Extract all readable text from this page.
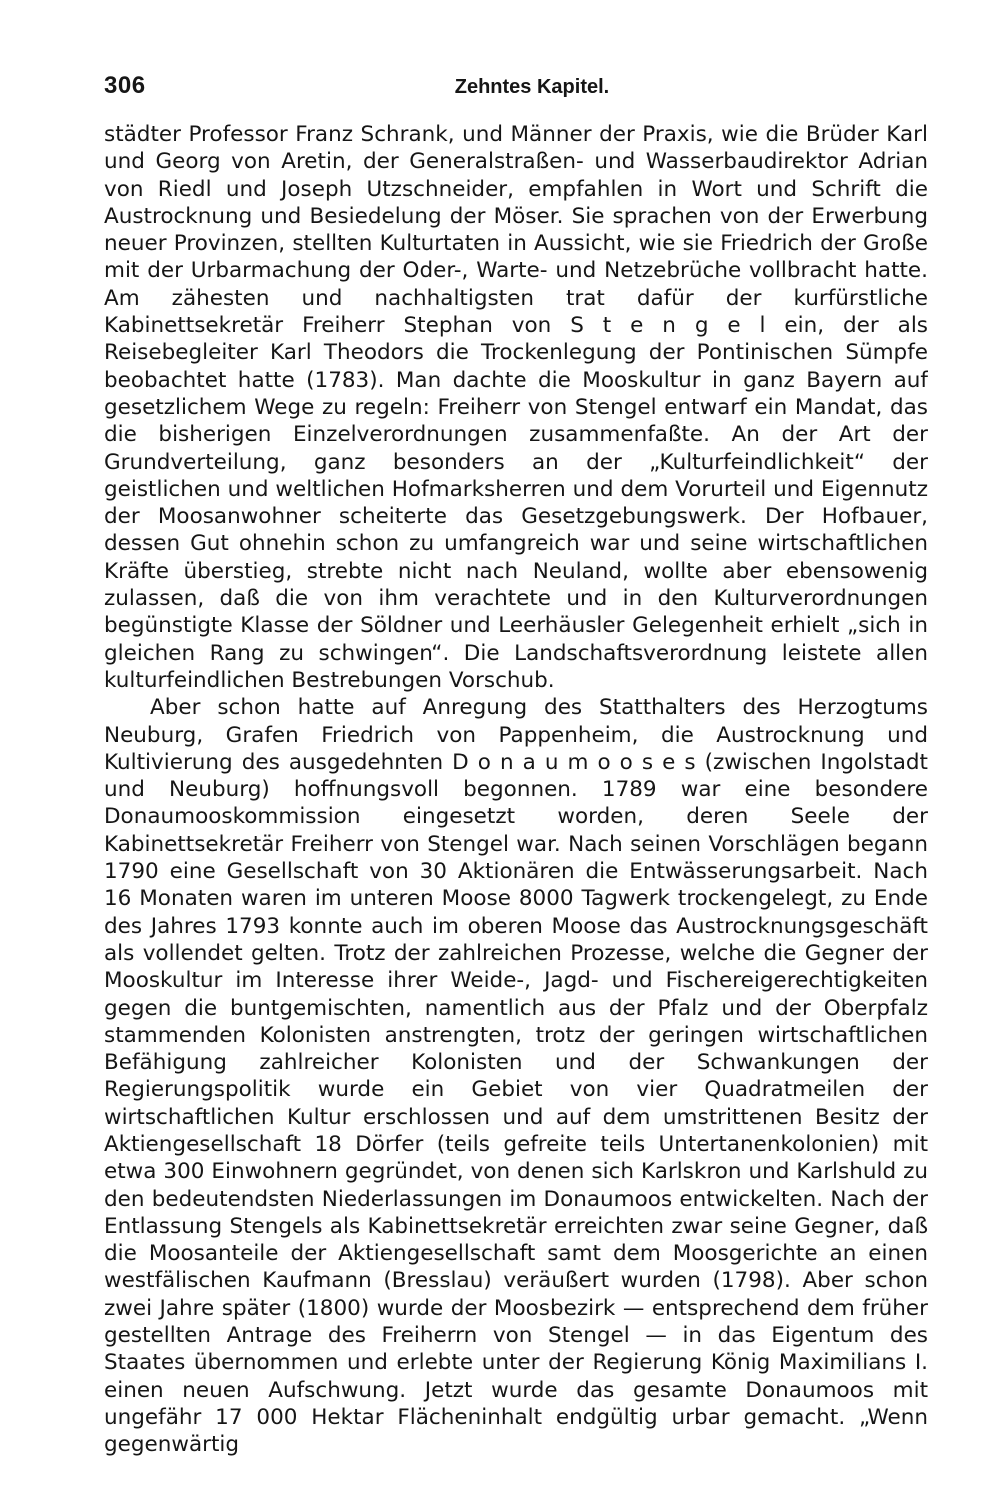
306	Zehntes Kapitel.

städter Professor Franz Schrank, und Männer der Praxis, wie die Brüder Karl und Georg von Aretin, der Generalstraßen- und Wasserbaudirektor Adrian von Riedl und Joseph Utzschneider, empfahlen in Wort und Schrift die Austrocknung und Besiedelung der Möser. Sie sprachen von der Erwerbung neuer Provinzen, stellten Kulturtaten in Aussicht, wie sie Friedrich der Große mit der Urbarmachung der Oder-, Warte- und Netzebrüche vollbracht hatte. Am zähesten und nachhaltigsten trat dafür der kurfürstliche Kabinettsekretär Freiherr Stephan von S t e n g e l ein, der als Reisebegleiter Karl Theodors die Trockenlegung der Pontinischen Sümpfe beobachtet hatte (1783). Man dachte die Mooskultur in ganz Bayern auf gesetzlichem Wege zu regeln: Freiherr von Stengel entwarf ein Mandat, das die bisherigen Einzelverordnungen zusammenfaßte. An der Art der Grundverteilung, ganz besonders an der „Kulturfeindlichkeit“ der geistlichen und weltlichen Hofmarksherren und dem Vorurteil und Eigennutz der Moosanwohner scheiterte das Gesetzgebungswerk. Der Hofbauer, dessen Gut ohnehin schon zu umfangreich war und seine wirtschaftlichen Kräfte überstieg, strebte nicht nach Neuland, wollte aber ebensowenig zulassen, daß die von ihm verachtete und in den Kulturverordnungen begünstigte Klasse der Söldner und Leerhäusler Gelegenheit erhielt „sich in gleichen Rang zu schwingen“. Die Landschaftsverordnung leistete allen kulturfeindlichen Bestrebungen Vorschub.

Aber schon hatte auf Anregung des Statthalters des Herzogtums Neuburg, Grafen Friedrich von Pappenheim, die Austrocknung und Kultivierung des ausgedehnten D o n a u m o o s e s (zwischen Ingolstadt und Neuburg) hoffnungsvoll begonnen. 1789 war eine besondere Donaumooskommission eingesetzt worden, deren Seele der Kabinettsekretär Freiherr von Stengel war. Nach seinen Vorschlägen begann 1790 eine Gesellschaft von 30 Aktionären die Entwässerungsarbeit. Nach 16 Monaten waren im unteren Moose 8000 Tagwerk trockengelegt, zu Ende des Jahres 1793 konnte auch im oberen Moose das Austrocknungsgeschäft als vollendet gelten. Trotz der zahlreichen Prozesse, welche die Gegner der Mooskultur im Interesse ihrer Weide-, Jagd- und Fischereigerechtigkeiten gegen die buntgemischten, namentlich aus der Pfalz und der Oberpfalz stammenden Kolonisten anstrengten, trotz der geringen wirtschaftlichen Befähigung zahlreicher Kolonisten und der Schwankungen der Regierungspolitik wurde ein Gebiet von vier Quadratmeilen der wirtschaftlichen Kultur erschlossen und auf dem umstrittenen Besitz der Aktiengesellschaft 18 Dörfer (teils gefreite teils Untertanenkolonien) mit etwa 300 Einwohnern gegründet, von denen sich Karlskron und Karlshuld zu den bedeutendsten Niederlassungen im Donaumoos entwickelten. Nach der Entlassung Stengels als Kabinettsekretär erreichten zwar seine Gegner, daß die Moosanteile der Aktiengesellschaft samt dem Moosgerichte an einen westfälischen Kaufmann (Bresslau) veräußert wurden (1798). Aber schon zwei Jahre später (1800) wurde der Moosbezirk — entsprechend dem früher gestellten Antrage des Freiherrn von Stengel — in das Eigentum des Staates übernommen und erlebte unter der Regierung König Maximilians I. einen neuen Aufschwung. Jetzt wurde das gesamte Donaumoos mit ungefähr 17 000 Hektar Flächeninhalt endgültig urbar gemacht. „Wenn gegenwärtig
